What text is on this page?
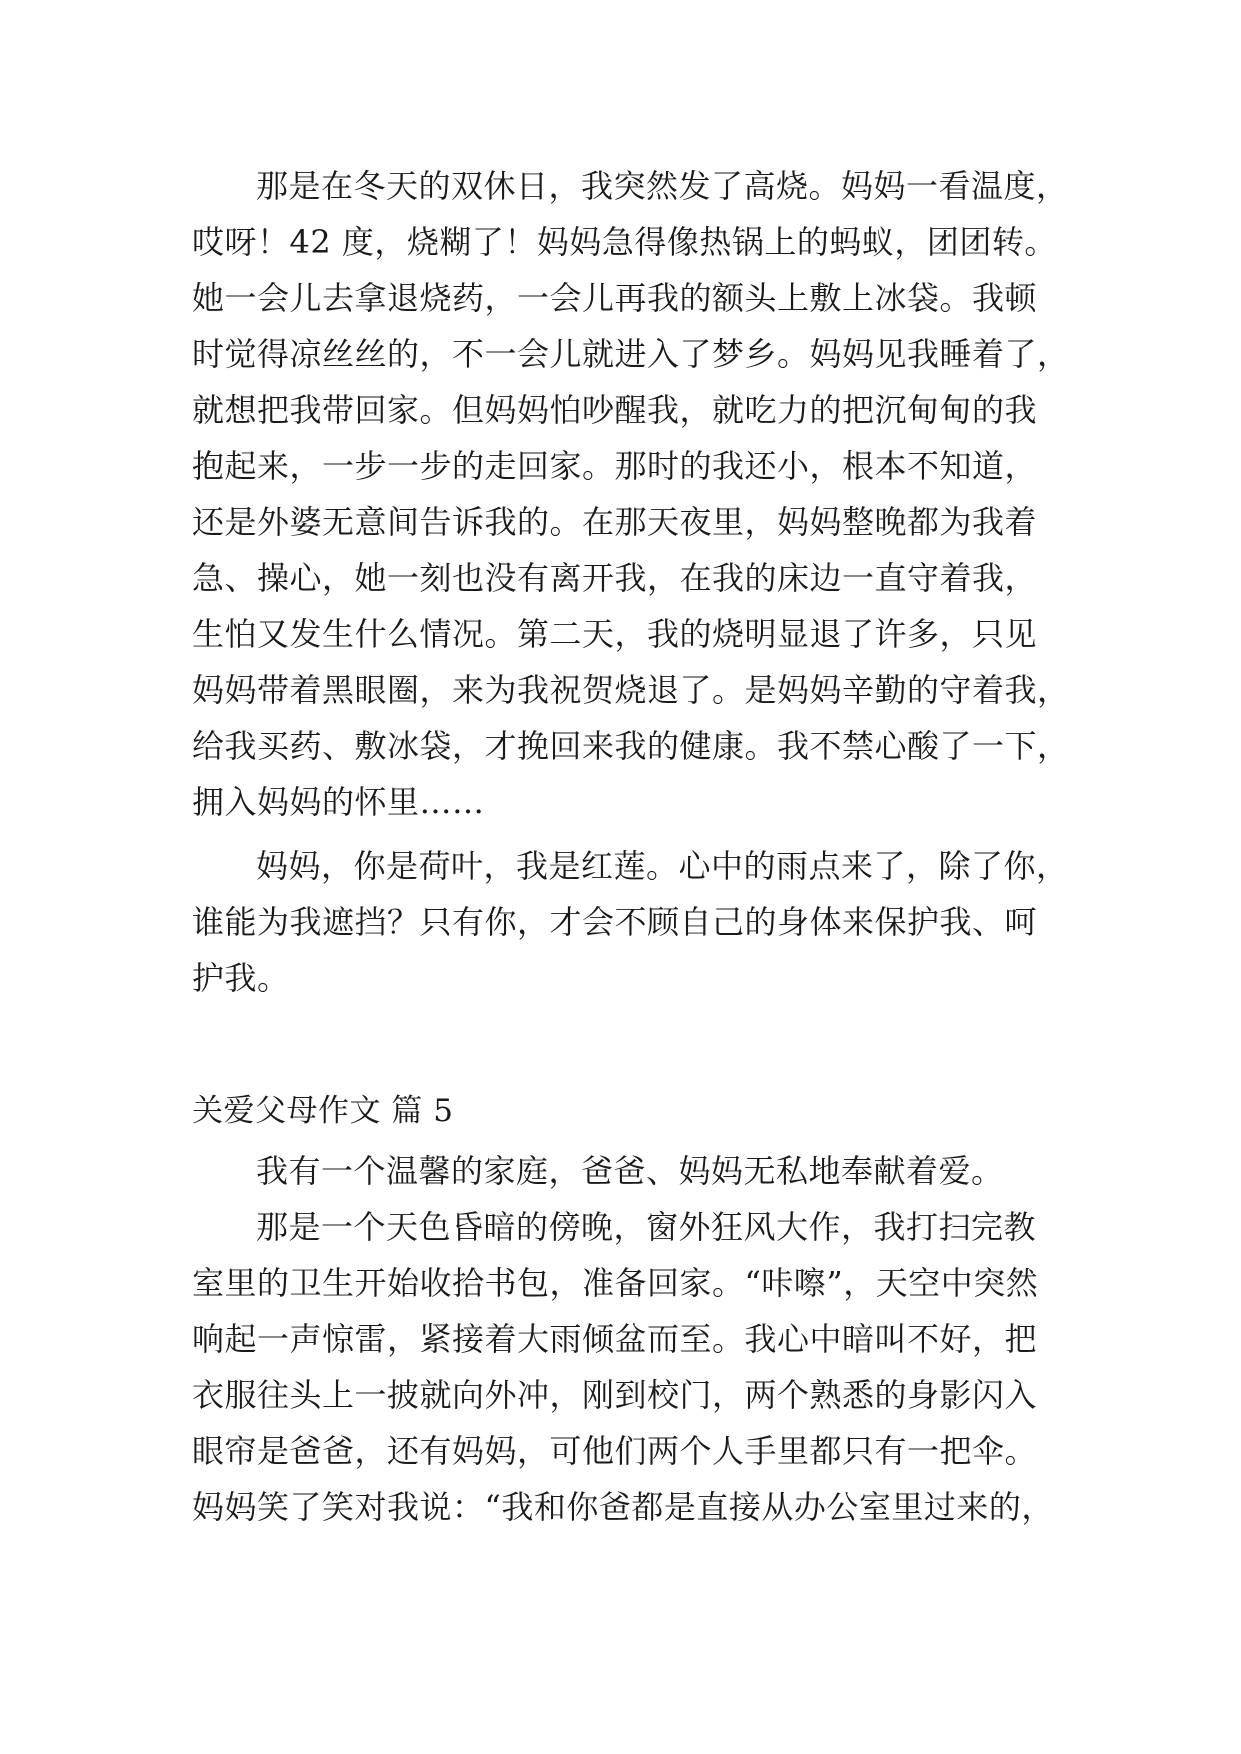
那是在冬天的双休日，我突然发了高烧。妈妈一看温度，
哎呀！42 度，烧糊了！妈妈急得像热锅上的蚂蚁，团团转。
她一会儿去拿退烧药，一会儿再我的额头上敷上冰袋。我顿
时觉得凉丝丝的，不一会儿就进入了梦乡。妈妈见我睡着了，
就想把我带回家。但妈妈怕吵醒我，就吃力的把沉甸甸的我
抱起来，一步一步的走回家。那时的我还小，根本不知道，
还是外婆无意间告诉我的。在那天夜里，妈妈整晚都为我着
急、操心，她一刻也没有离开我，在我的床边一直守着我，
生怕又发生什么情况。第二天，我的烧明显退了许多，只见
妈妈带着黑眼圈，来为我祝贺烧退了。是妈妈辛勤的守着我，
给我买药、敷冰袋，才挽回来我的健康。我不禁心酸了一下，
拥入妈妈的怀里……
妈妈，你是荷叶，我是红莲。心中的雨点来了，除了你，
谁能为我遮挡？只有你，才会不顾自己的身体来保护我、呵
护我。
关爱父母作文 篇 5
我有一个温馨的家庭，爸爸、妈妈无私地奉献着爱。
那是一个天色昏暗的傍晚，窗外狂风大作，我打扫完教
室里的卫生开始收拾书包，准备回家。“咔嚓”，天空中突然
响起一声惊雷，紧接着大雨倾盆而至。我心中暗叫不好，把
衣服往头上一披就向外冲，刚到校门，两个熟悉的身影闪入
眼帘是爸爸，还有妈妈，可他们两个人手里都只有一把伞。
妈妈笑了笑对我说：“我和你爸都是直接从办公室里过来的，
